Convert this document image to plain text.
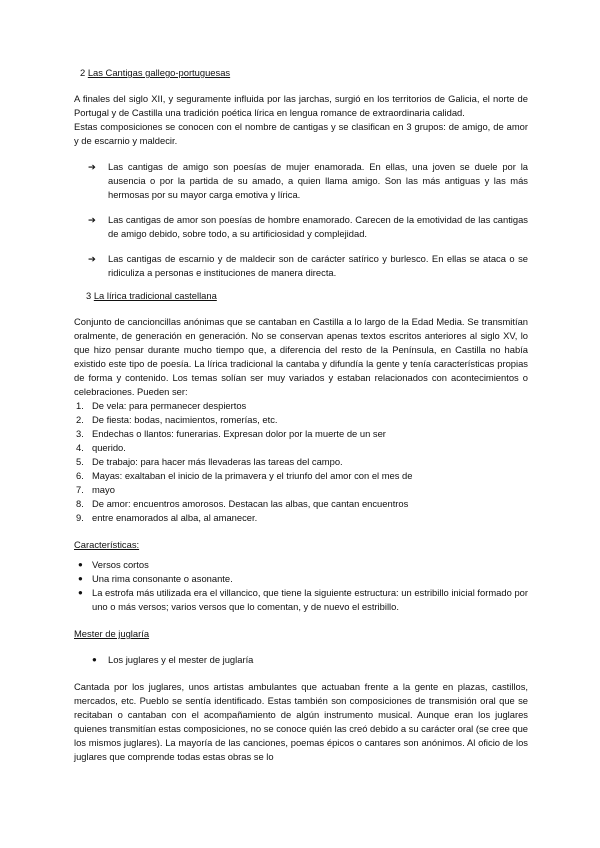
2 Las Cantigas gallego-portuguesas

A finales del siglo XII, y seguramente influida por las jarchas, surgió en los territorios de Galicia, el norte de Portugal y de Castilla una tradición poética lírica en lengua romance de extraordinaria calidad.

Estas composiciones se conocen con el nombre de cantigas y se clasifican en 3 grupos: de amigo, de amor y de escarnio y maldecir.

➔ Las cantigas de amigo son poesías de mujer enamorada. En ellas, una joven se duele por la ausencia o por la partida de su amado, a quien llama amigo. Son las más antiguas y las más hermosas por su mayor carga emotiva y lírica.
➔ Las cantigas de amor son poesías de hombre enamorado. Carecen de la emotividad de las cantigas de amigo debido, sobre todo, a su artificiosidad y complejidad.
➔ Las cantigas de escarnio y de maldecir son de carácter satírico y burlesco. En ellas se ataca o se ridiculiza a personas e instituciones de manera directa.
3 La lírica tradicional castellana

Conjunto de cancioncillas anónimas que se cantaban en Castilla a lo largo de la Edad Media. Se transmitían oralmente, de generación en generación. No se conservan apenas textos escritos anteriores al siglo XV, lo que hizo pensar durante mucho tiempo que, a diferencia del resto de la Península, en Castilla no había existido este tipo de poesía. La lírica tradicional la cantaba y difundía la gente y tenía características propias de forma y contenido. Los temas solían ser muy variados y estaban relacionados con acontecimientos o celebraciones. Pueden ser:

1. De vela: para permanecer despiertos
2. De fiesta: bodas, nacimientos, romerías, etc.
3. Endechas o llantos: funerarias. Expresan dolor por la muerte de un ser
4. querido.
5. De trabajo: para hacer más llevaderas las tareas del campo.
6. Mayas: exaltaban el inicio de la primavera y el triunfo del amor con el mes de
7. mayo
8. De amor: encuentros amorosos. Destacan las albas, que cantan encuentros
9. entre enamorados al alba, al amanecer.
Características:
● Versos cortos
● Una rima consonante o asonante.
● La estrofa más utilizada era el villancico, que tiene la siguiente estructura: un estribillo inicial formado por uno o más versos; varios versos que lo comentan, y de nuevo el estribillo.
Mester de juglaría
● Los juglares y el mester de juglaría

Cantada por los juglares, unos artistas ambulantes que actuaban frente a la gente en plazas, castillos, mercados, etc. Pueblo se sentía identificado. Estas también son composiciones de transmisión oral que se recitaban o cantaban con el acompañamiento de algún instrumento musical. Aunque eran los juglares quienes transmitían estas composiciones, no se conoce quién las creó debido a su carácter oral (se cree que los mismos juglares). La mayoría de las canciones, poemas épicos o cantares son anónimos. Al oficio de los juglares que comprende todas estas obras se lo
